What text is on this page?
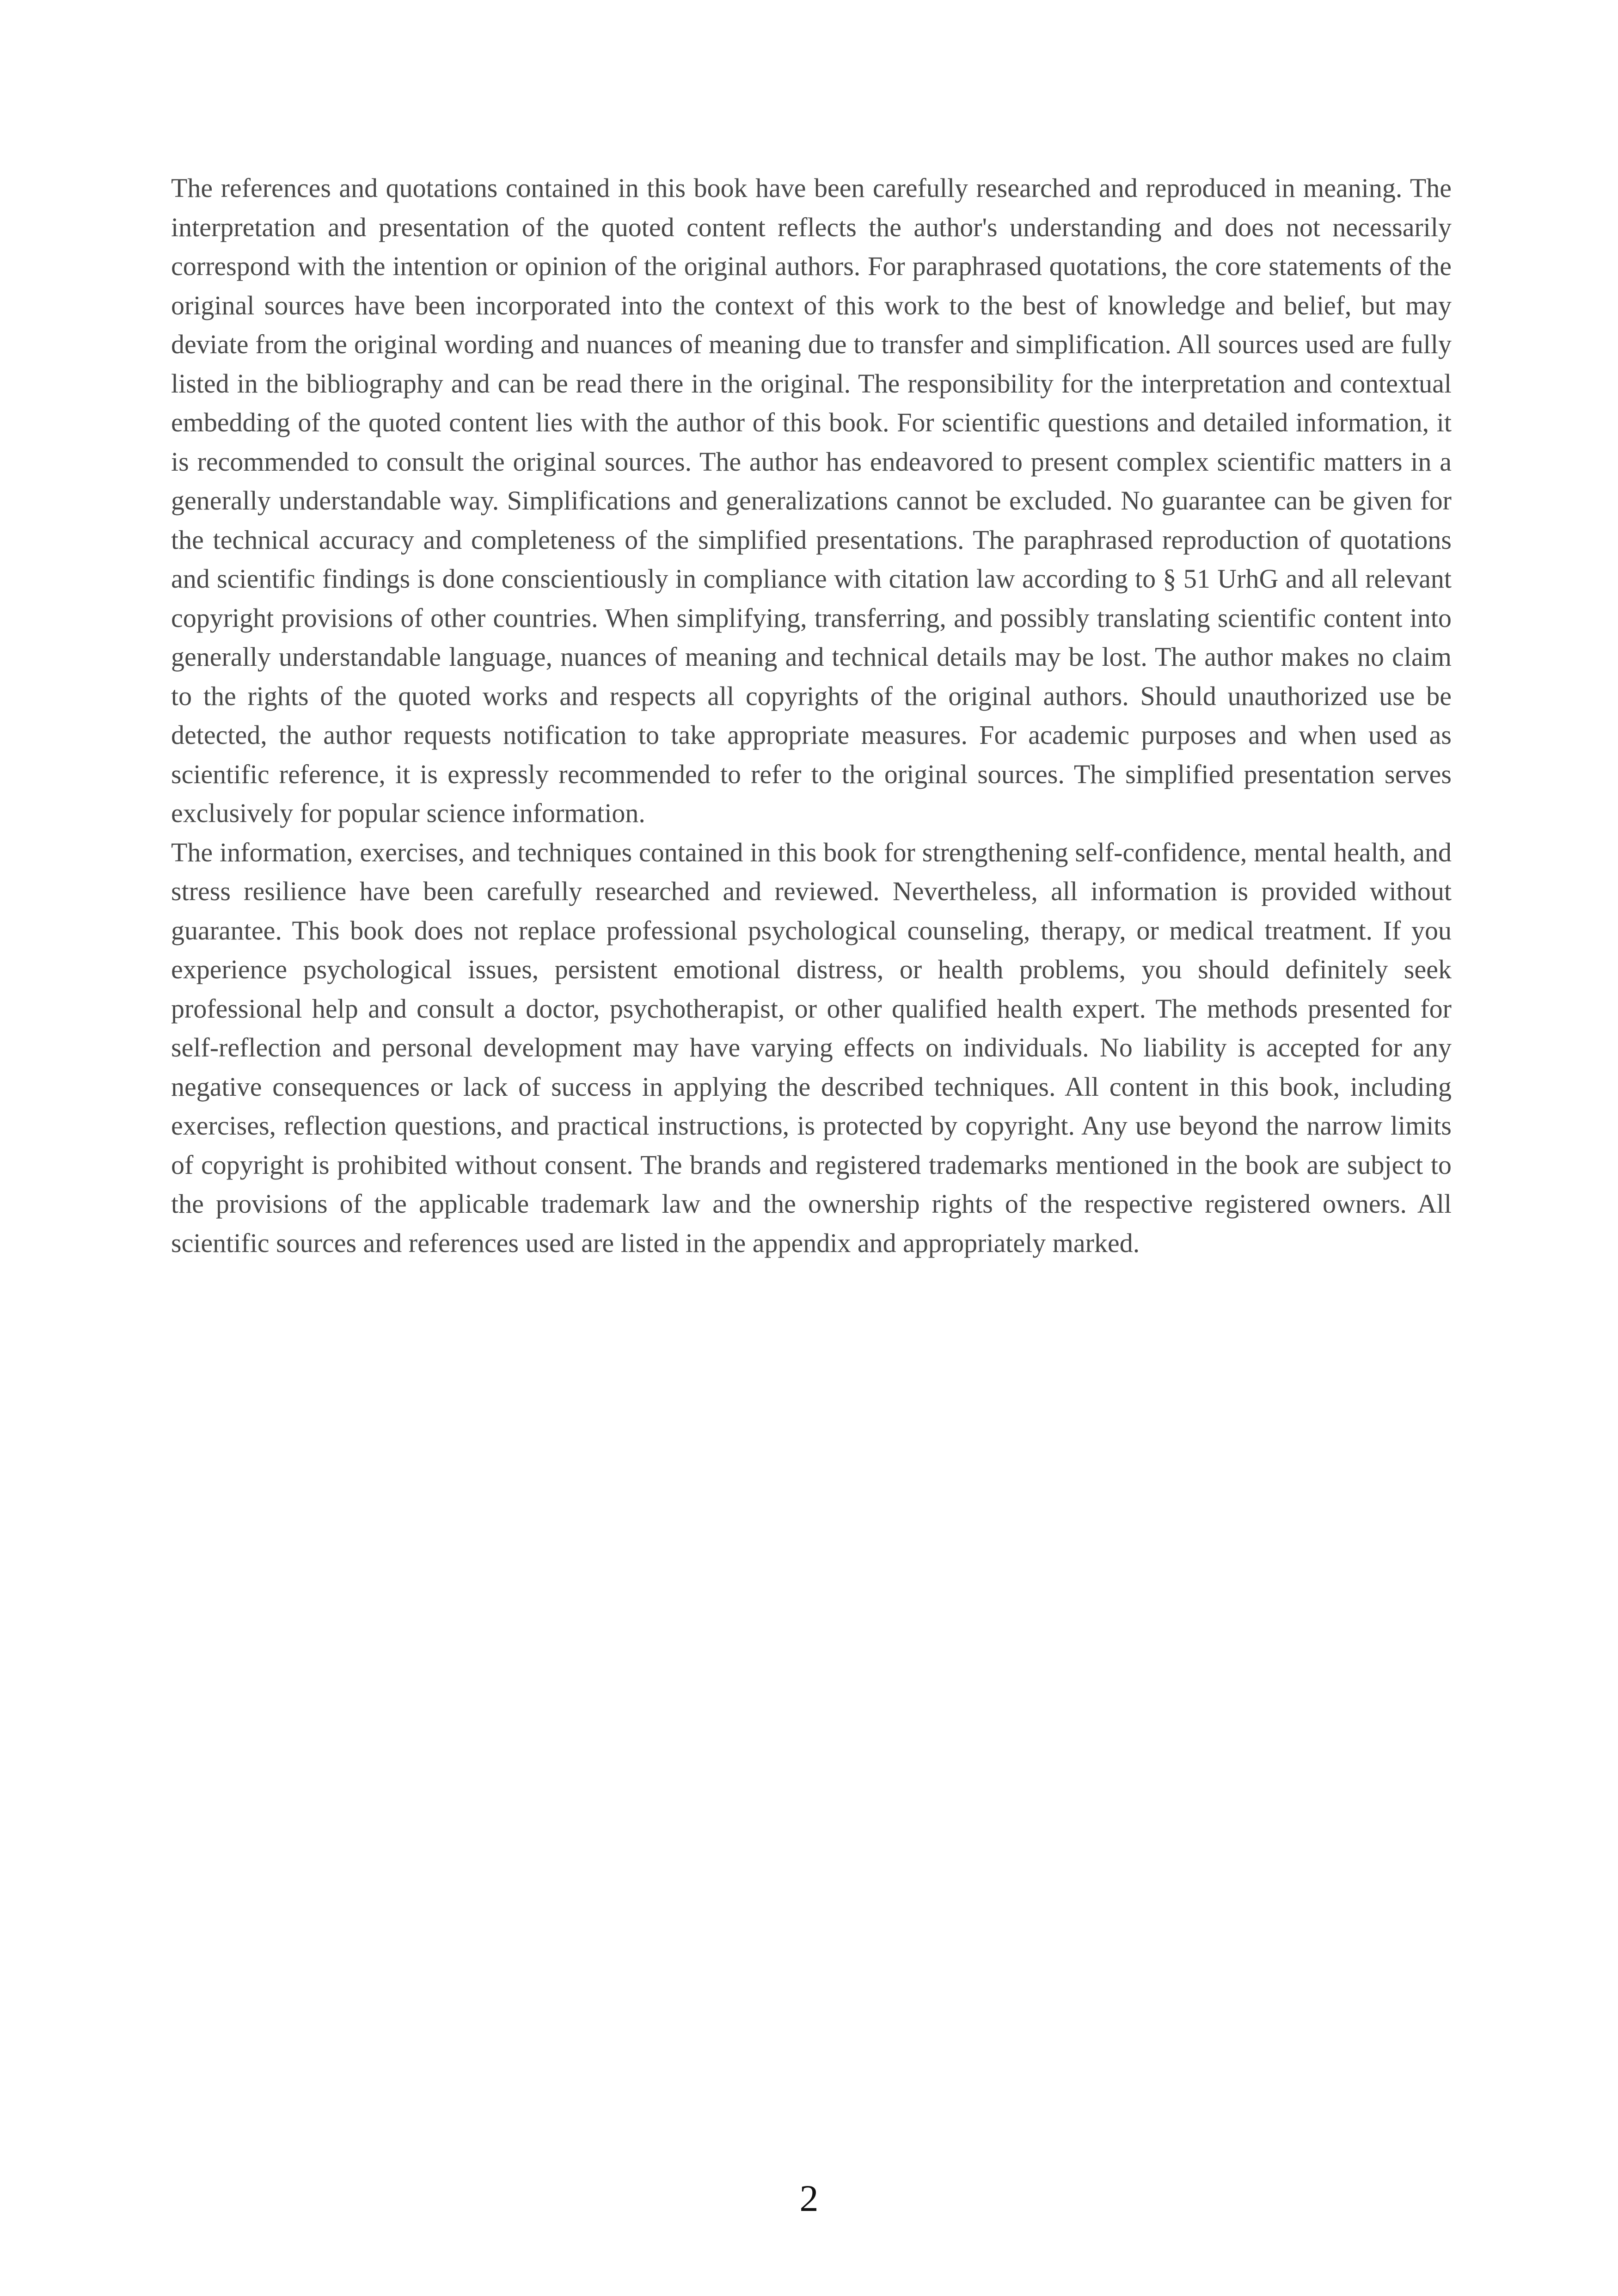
The references and quotations contained in this book have been carefully researched and reproduced in meaning. The interpretation and presentation of the quoted content reflects the author's understanding and does not necessarily correspond with the intention or opinion of the original authors. For paraphrased quotations, the core statements of the original sources have been incorporated into the context of this work to the best of knowledge and belief, but may deviate from the original wording and nuances of meaning due to transfer and simplification. All sources used are fully listed in the bibliography and can be read there in the original. The responsibility for the interpretation and contextual embedding of the quoted content lies with the author of this book. For scientific questions and detailed information, it is recommended to consult the original sources. The author has endeavored to present complex scientific matters in a generally understandable way. Simplifications and generalizations cannot be excluded. No guarantee can be given for the technical accuracy and completeness of the simplified presentations. The paraphrased reproduction of quotations and scientific findings is done conscientiously in compliance with citation law according to § 51 UrhG and all relevant copyright provisions of other countries. When simplifying, transferring, and possibly translating scientific content into generally understandable language, nuances of meaning and technical details may be lost. The author makes no claim to the rights of the quoted works and respects all copyrights of the original authors. Should unauthorized use be detected, the author requests notification to take appropriate measures. For academic purposes and when used as scientific reference, it is expressly recommended to refer to the original sources. The simplified presentation serves exclusively for popular science information.

The information, exercises, and techniques contained in this book for strengthening self-confidence, mental health, and stress resilience have been carefully researched and reviewed. Nevertheless, all information is provided without guarantee. This book does not replace professional psychological counseling, therapy, or medical treatment. If you experience psychological issues, persistent emotional distress, or health problems, you should definitely seek professional help and consult a doctor, psychotherapist, or other qualified health expert. The methods presented for self-reflection and personal development may have varying effects on individuals. No liability is accepted for any negative consequences or lack of success in applying the described techniques. All content in this book, including exercises, reflection questions, and practical instructions, is protected by copyright. Any use beyond the narrow limits of copyright is prohibited without consent. The brands and registered trademarks mentioned in the book are subject to the provisions of the applicable trademark law and the ownership rights of the respective registered owners. All scientific sources and references used are listed in the appendix and appropriately marked.

2
